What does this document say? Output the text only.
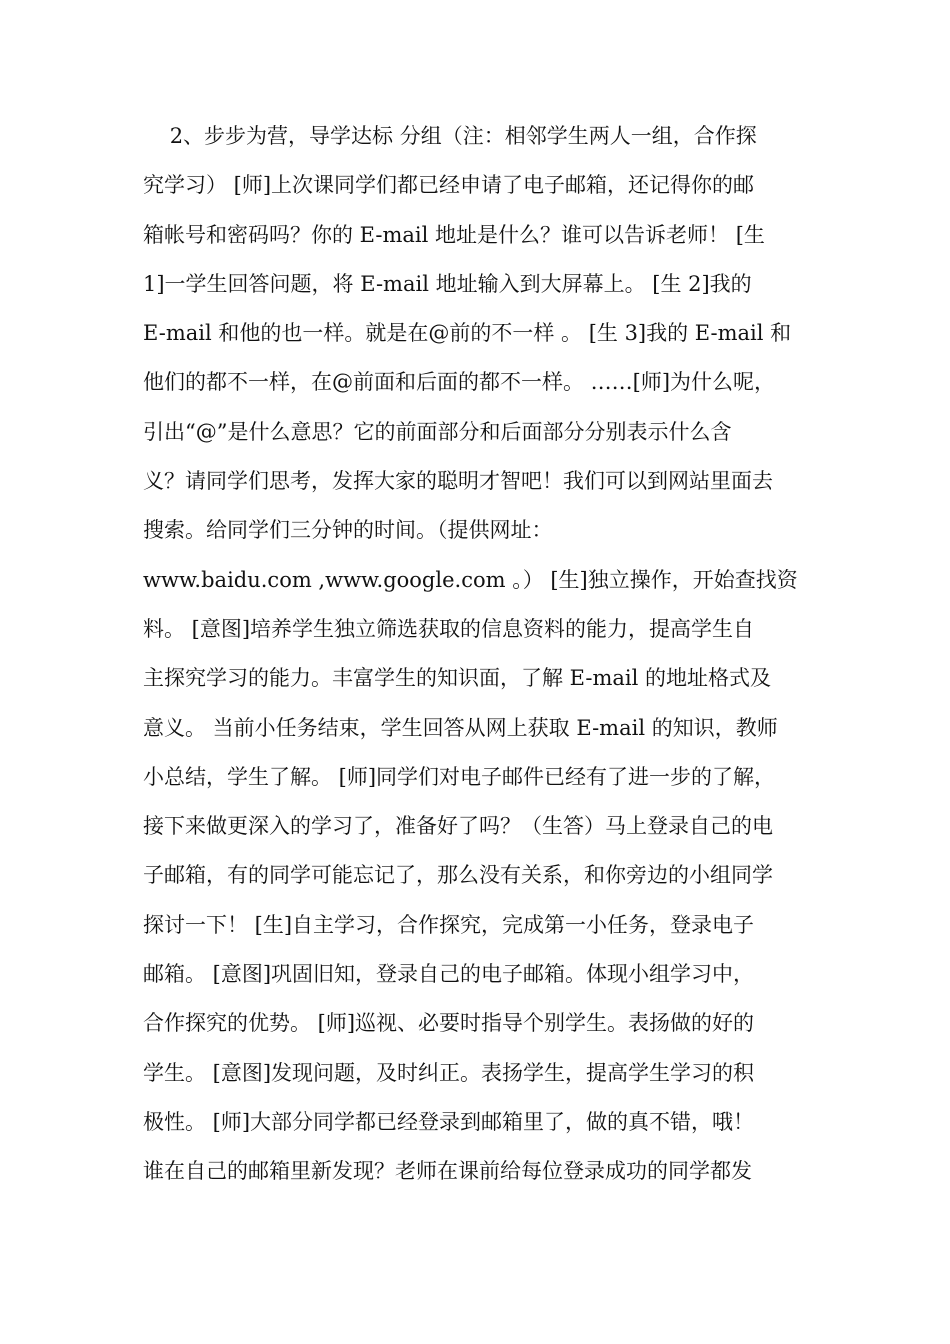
2、步步为营，导学达标 分组（注：相邻学生两人一组，合作探
究学习） [师]上次课同学们都已经申请了电子邮箱，还记得你的邮
箱帐号和密码吗？你的 E-mail 地址是什么？谁可以告诉老师！ [生
1]一学生回答问题，将 E-mail 地址输入到大屏幕上。 [生 2]我的
E-mail 和他的也一样。就是在@前的不一样 。 [生 3]我的 E-mail 和
他们的都不一样，在@前面和后面的都不一样。 ……[师]为什么呢，
引出“@”是什么意思？它的前面部分和后面部分分别表示什么含
义？请同学们思考，发挥大家的聪明才智吧！我们可以到网站里面去
搜索。给同学们三分钟的时间。（提供网址：
www.baidu.com ,www.google.com 。） [生]独立操作，开始查找资
料。 [意图]培养学生独立筛选获取的信息资料的能力，提高学生自
主探究学习的能力。丰富学生的知识面，了解 E-mail 的地址格式及
意义。 当前小任务结束，学生回答从网上获取 E-mail 的知识，教师
小总结，学生了解。 [师]同学们对电子邮件已经有了进一步的了解，
接下来做更深入的学习了，准备好了吗？（生答）马上登录自己的电
子邮箱，有的同学可能忘记了，那么没有关系，和你旁边的小组同学
探讨一下！ [生]自主学习，合作探究，完成第一小任务，登录电子
邮箱。 [意图]巩固旧知，登录自己的电子邮箱。体现小组学习中，
合作探究的优势。 [师]巡视、必要时指导个别学生。表扬做的好的
学生。 [意图]发现问题，及时纠正。表扬学生，提高学生学习的积
极性。 [师]大部分同学都已经登录到邮箱里了，做的真不错，哦！
谁在自己的邮箱里新发现？老师在课前给每位登录成功的同学都发
